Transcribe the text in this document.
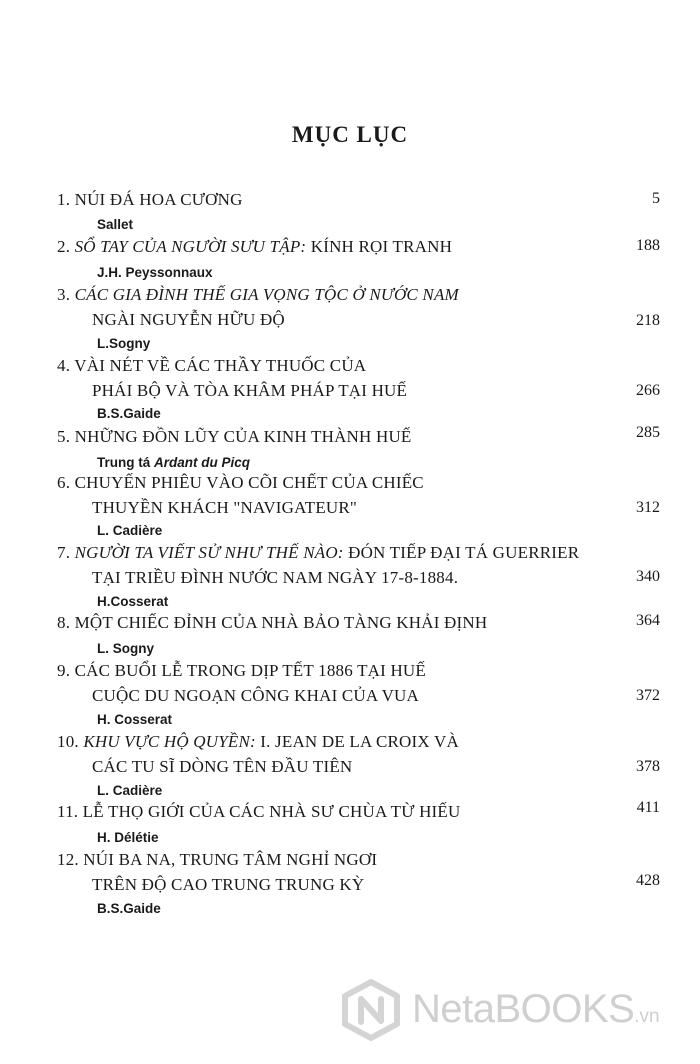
MỤC LỤC
1. NÚI ĐÁ HOA CƯƠNG	5
Sallet
2. SỔ TAY CỦA NGƯỜI SƯU TẬP: KÍNH RỌI TRANH	188
J.H. Peyssonnaux
3. CÁC GIA ĐÌNH THẾ GIA VỌNG TỘC Ở NƯỚC NAM
NGÀI NGUYỄN HỮU ĐỘ	218
L.Sogny
4. VÀI NÉT VỀ CÁC THẦY THUỐC CỦA
PHÁI BỘ VÀ TÒA KHÂM PHÁP TẠI HUẾ	266
B.S.Gaide
5. NHỮNG ĐỒN LŨY CỦA KINH THÀNH HUẾ	285
Trung tá Ardant du Picq
6. CHUYẾN PHIÊU VÀO CÕI CHẾT CỦA CHIẾC
THUYỀN KHÁCH "NAVIGATEUR"	312
L. Cadière
7. NGƯỜI TA VIẾT SỬ NHƯ THẾ NÀO: ĐÓN TIẾP ĐẠI TÁ GUERRIER
TẠI TRIỀU ĐÌNH NƯỚC NAM NGÀY 17-8-1884.	340
H.Cosserat
8. MỘT CHIẾC ĐỈNH CỦA NHÀ BẢO TÀNG KHẢI ĐỊNH	364
L. Sogny
9. CÁC BUỔI LỄ TRONG DỊP TẾT 1886 TẠI HUẾ
CUỘC DU NGOẠN CÔNG KHAI CỦA VUA	372
H. Cosserat
10. KHU VỰC HỘ QUYỀN: I. JEAN DE LA CROIX VÀ
CÁC TU SĨ DÒNG TÊN ĐẦU TIÊN	378
L. Cadière
11. LỄ THỌ GIỚI CỦA CÁC NHÀ SƯ CHÙA TỪ HIẾU	411
H. Délétie
12. NÚI BA NA, TRUNG TÂM NGHỈ NGƠI
TRÊN ĐỘ CAO TRUNG TRUNG KỲ	428
B.S.Gaide
NetaBOOKS.vn
